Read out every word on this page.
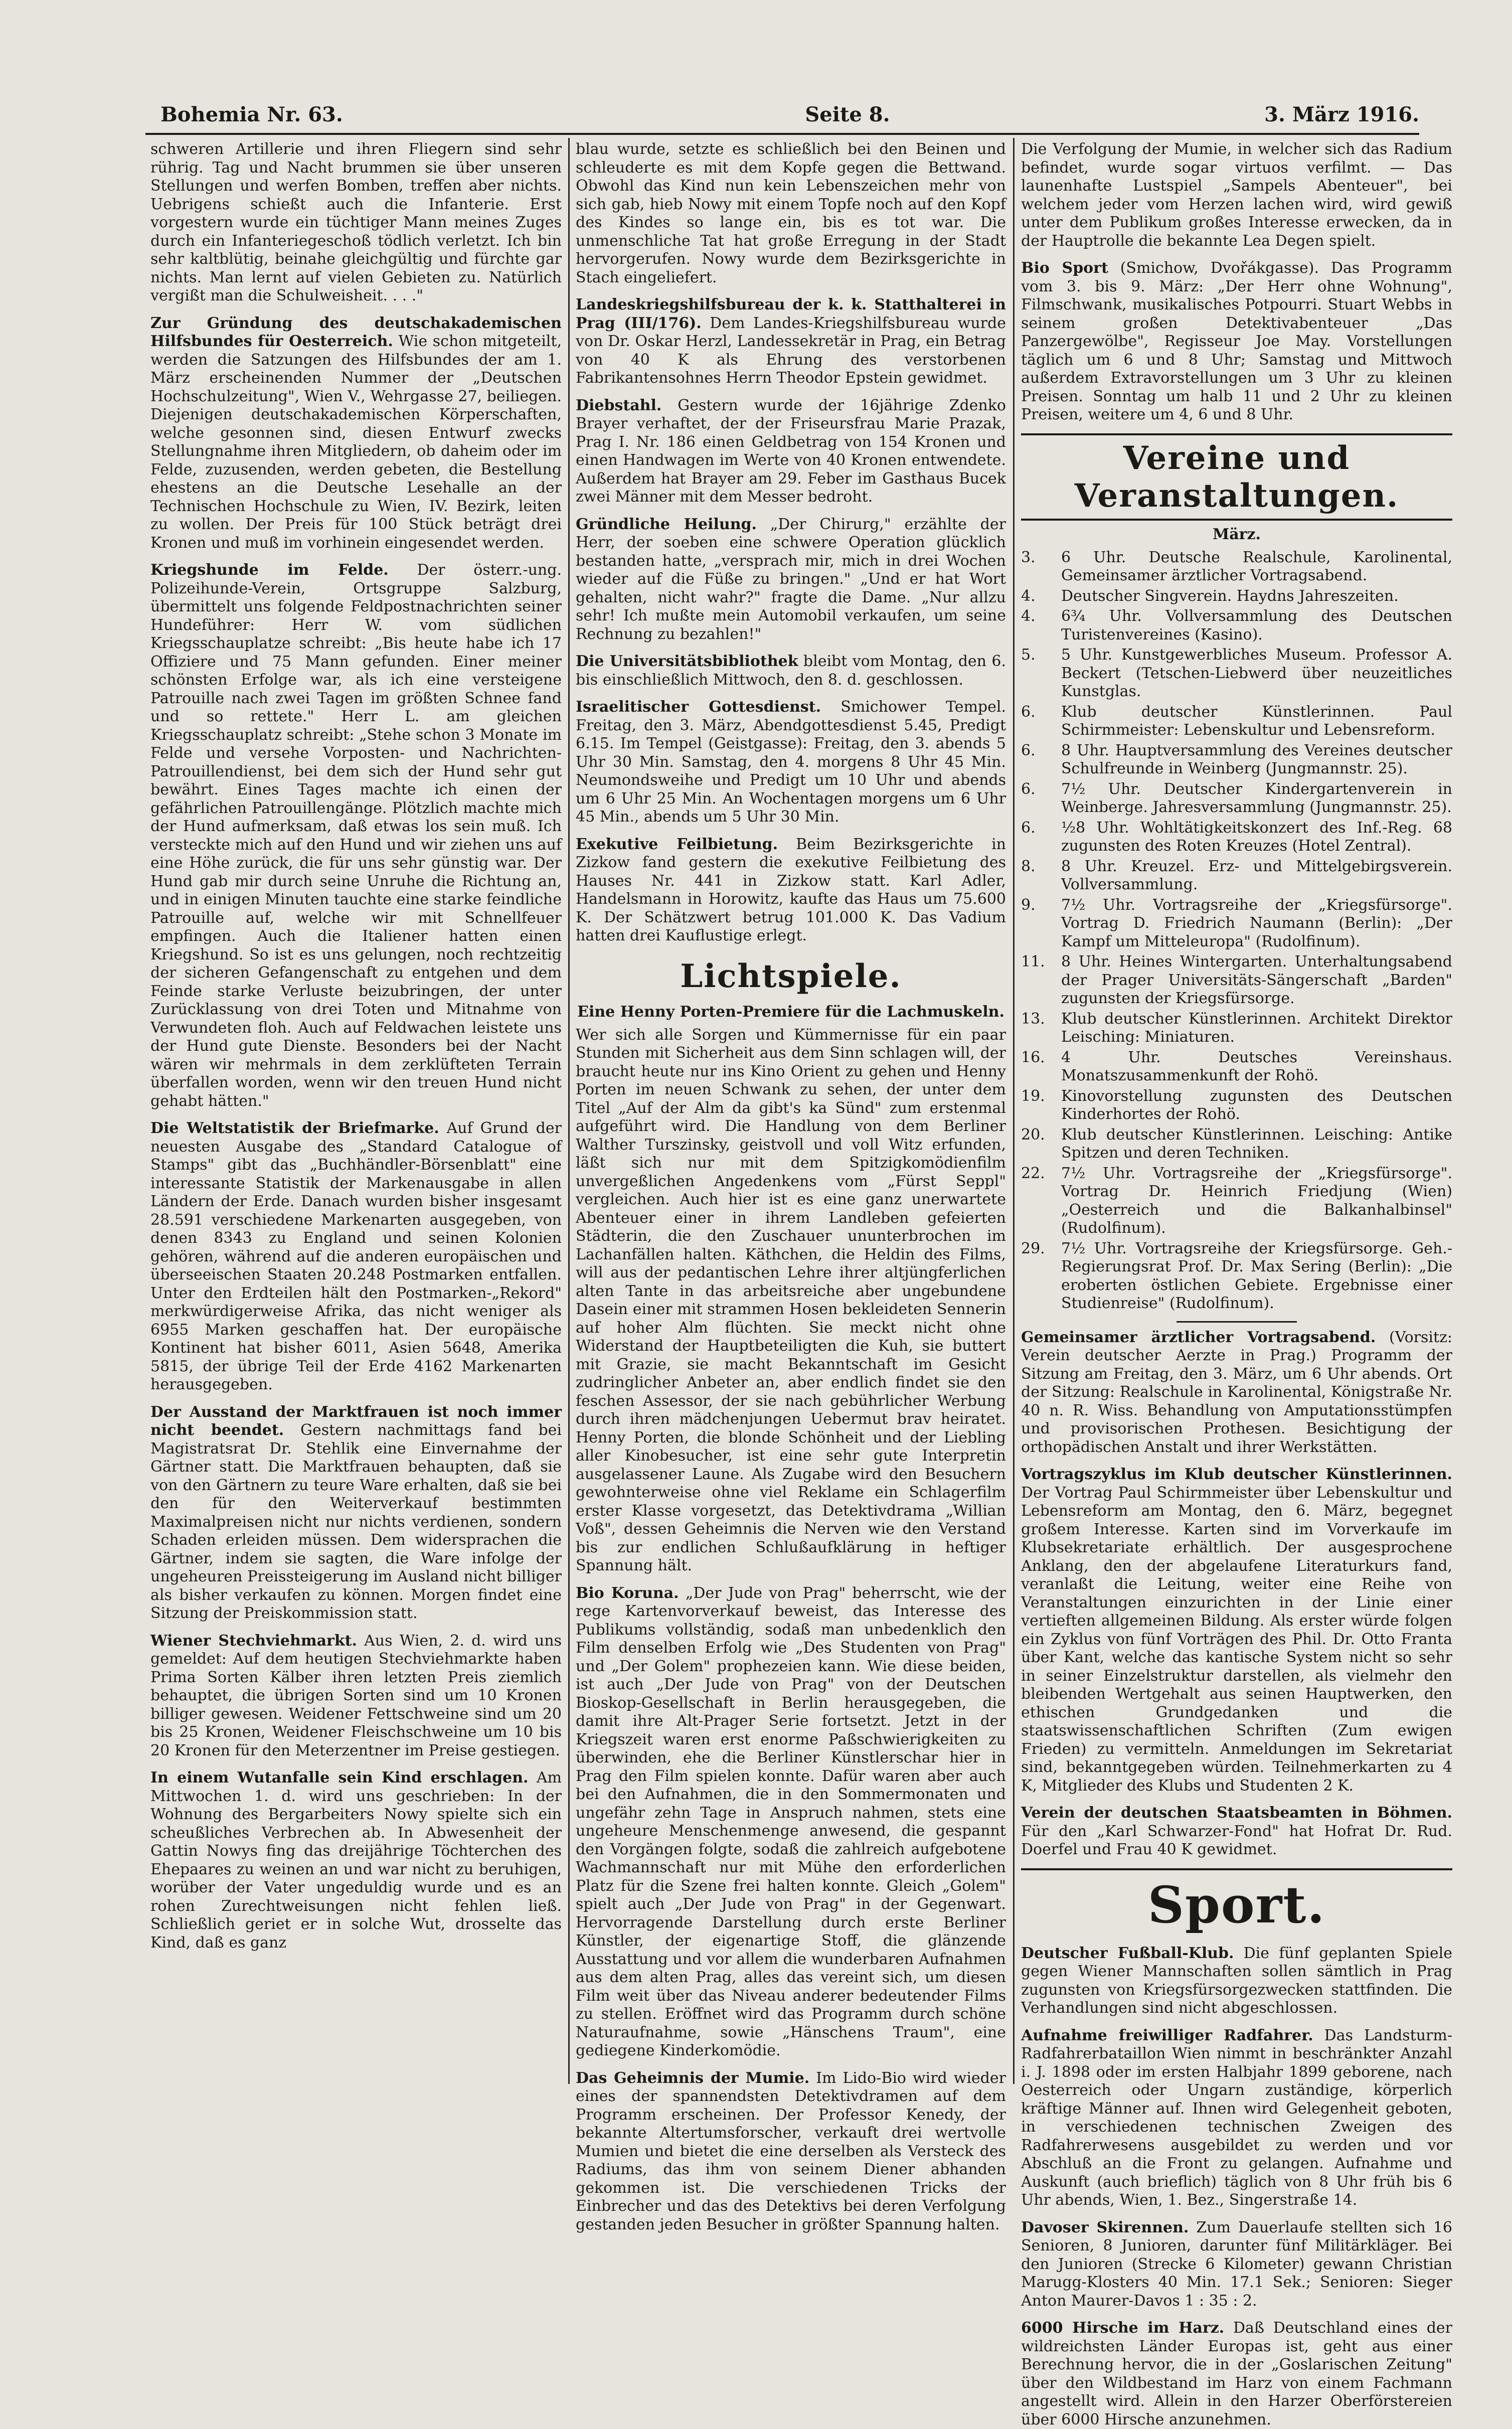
Bohemia Nr. 63.	Seite 8.	3. März 1916.

schweren Artillerie und ihren Fliegern sind sehr rührig. Tag und Nacht brummen sie über unseren Stellungen und werfen Bomben, treffen aber nichts. Uebrigens schießt auch die Infanterie. Erst vorgestern wurde ein tüchtiger Mann meines Zuges durch ein Infanteriegeschoß tödlich verletzt. Ich bin sehr kaltblütig, beinahe gleichgültig und fürchte gar nichts. Man lernt auf vielen Gebieten zu. Natürlich vergißt man die Schulweisheit. . . ."

Zur Gründung des deutschakademischen Hilfsbundes für Oesterreich. Wie schon mitgeteilt, werden die Satzungen des Hilfsbundes der am 1. März erscheinenden Nummer der „Deutschen Hochschulzeitung", Wien V., Wehrgasse 27, beiliegen. Diejenigen deutschakademischen Körperschaften, welche gesonnen sind, diesen Entwurf zwecks Stellungnahme ihren Mitgliedern, ob daheim oder im Felde, zuzusenden, werden gebeten, die Bestellung ehestens an die Deutsche Lesehalle an der Technischen Hochschule zu Wien, IV. Bezirk, leiten zu wollen. Der Preis für 100 Stück beträgt drei Kronen und muß im vorhinein eingesendet werden.

Kriegshunde im Felde. Der österr.-ung. Polizeihunde-Verein, Ortsgruppe Salzburg, übermittelt uns folgende Feldpostnachrichten seiner Hundeführer: Herr W. vom südlichen Kriegsschauplatze schreibt: „Bis heute habe ich 17 Offiziere und 75 Mann gefunden. Einer meiner schönsten Erfolge war, als ich eine versteigene Patrouille nach zwei Tagen im größten Schnee fand und so rettete." Herr L. am gleichen Kriegsschauplatz schreibt: „Stehe schon 3 Monate im Felde und versehe Vorposten- und Nachrichten-Patrouillendienst, bei dem sich der Hund sehr gut bewährt. Eines Tages machte ich einen der gefährlichen Patrouillengänge. Plötzlich machte mich der Hund aufmerksam, daß etwas los sein muß. Ich versteckte mich auf den Hund und wir ziehen uns auf eine Höhe zurück, die für uns sehr günstig war. Der Hund gab mir durch seine Unruhe die Richtung an, und in einigen Minuten tauchte eine starke feindliche Patrouille auf, welche wir mit Schnellfeuer empfingen. Auch die Italiener hatten einen Kriegshund. So ist es uns gelungen, noch rechtzeitig der sicheren Gefangenschaft zu entgehen und dem Feinde starke Verluste beizubringen, der unter Zurücklassung von drei Toten und Mitnahme von Verwundeten floh. Auch auf Feldwachen leistete uns der Hund gute Dienste. Besonders bei der Nacht wären wir mehrmals in dem zerklüfteten Terrain überfallen worden, wenn wir den treuen Hund nicht gehabt hätten."

Die Weltstatistik der Briefmarke. Auf Grund der neuesten Ausgabe des „Standard Catalogue of Stamps" gibt das „Buchhändler-Börsenblatt" eine interessante Statistik der Markenausgabe in allen Ländern der Erde. Danach wurden bisher insgesamt 28.591 verschiedene Markenarten ausgegeben, von denen 8343 zu England und seinen Kolonien gehören, während auf die anderen europäischen und überseeischen Staaten 20.248 Postmarken entfallen. Unter den Erdteilen hält den Postmarken-„Rekord" merkwürdigerweise Afrika, das nicht weniger als 6955 Marken geschaffen hat. Der europäische Kontinent hat bisher 6011, Asien 5648, Amerika 5815, der übrige Teil der Erde 4162 Markenarten herausgegeben.

Der Ausstand der Marktfrauen ist noch immer nicht beendet. Gestern nachmittags fand bei Magistratsrat Dr. Stehlik eine Einvernahme der Gärtner statt. Die Marktfrauen behaupten, daß sie von den Gärtnern zu teure Ware erhalten, daß sie bei den für den Weiterverkauf bestimmten Maximalpreisen nicht nur nichts verdienen, sondern Schaden erleiden müssen. Dem widersprachen die Gärtner, indem sie sagten, die Ware infolge der ungeheuren Preissteigerung im Ausland nicht billiger als bisher verkaufen zu können. Morgen findet eine Sitzung der Preiskommission statt.

Wiener Stechviehmarkt. Aus Wien, 2. d. wird uns gemeldet: Auf dem heutigen Stechviehmarkte haben Prima Sorten Kälber ihren letzten Preis ziemlich behauptet, die übrigen Sorten sind um 10 Kronen billiger gewesen. Weidener Fettschweine sind um 20 bis 25 Kronen, Weidener Fleischschweine um 10 bis 20 Kronen für den Meterzentner im Preise gestiegen.

In einem Wutanfalle sein Kind erschlagen. Am Mittwochen 1. d. wird uns geschrieben: In der Wohnung des Bergarbeiters Nowy spielte sich ein scheußliches Verbrechen ab. In Abwesenheit der Gattin Nowys fing das dreijährige Töchterchen des Ehepaares zu weinen an und war nicht zu beruhigen, worüber der Vater ungeduldig wurde und es an rohen Zurechtweisungen nicht fehlen ließ. Schließlich geriet er in solche Wut, drosselte das Kind, daß es ganz

blau wurde, setzte es schließlich bei den Beinen und schleuderte es mit dem Kopfe gegen die Bettwand. Obwohl das Kind nun kein Lebenszeichen mehr von sich gab, hieb Nowy mit einem Topfe noch auf den Kopf des Kindes so lange ein, bis es tot war. Die unmenschliche Tat hat große Erregung in der Stadt hervorgerufen. Nowy wurde dem Bezirksgerichte in Stach eingeliefert.

Landeskriegshilfsbureau der k. k. Statthalterei in Prag (III/176). Dem Landes-Kriegshilfsbureau wurde von Dr. Oskar Herzl, Landessekretär in Prag, ein Betrag von 40 K als Ehrung des verstorbenen Fabrikantensohnes Herrn Theodor Epstein gewidmet.

Diebstahl. Gestern wurde der 16jährige Zdenko Brayer verhaftet, der der Friseursfrau Marie Prazak, Prag I. Nr. 186 einen Geldbetrag von 154 Kronen und einen Handwagen im Werte von 40 Kronen entwendete. Außerdem hat Brayer am 29. Feber im Gasthaus Bucek zwei Männer mit dem Messer bedroht.

Gründliche Heilung. „Der Chirurg," erzählte der Herr, der soeben eine schwere Operation glücklich bestanden hatte, „versprach mir, mich in drei Wochen wieder auf die Füße zu bringen." „Und er hat Wort gehalten, nicht wahr?" fragte die Dame. „Nur allzu sehr! Ich mußte mein Automobil verkaufen, um seine Rechnung zu bezahlen!"

Die Universitätsbibliothek bleibt vom Montag, den 6. bis einschließlich Mittwoch, den 8. d. geschlossen.

Israelitischer Gottesdienst. Smichower Tempel. Freitag, den 3. März, Abendgottesdienst 5.45, Predigt 6.15. Im Tempel (Geistgasse): Freitag, den 3. abends 5 Uhr 30 Min. Samstag, den 4. morgens 8 Uhr 45 Min. Neumondsweihe und Predigt um 10 Uhr und abends um 6 Uhr 25 Min. An Wochentagen morgens um 6 Uhr 45 Min., abends um 5 Uhr 30 Min.

Exekutive Feilbietung. Beim Bezirksgerichte in Zizkow fand gestern die exekutive Feilbietung des Hauses Nr. 441 in Zizkow statt. Karl Adler, Handelsmann in Horowitz, kaufte das Haus um 75.600 K. Der Schätzwert betrug 101.000 K. Das Vadium hatten drei Kauflustige erlegt.

Lichtspiele.
Eine Henny Porten-Premiere für die Lachmuskeln.

Wer sich alle Sorgen und Kümmernisse für ein paar Stunden mit Sicherheit aus dem Sinn schlagen will, der braucht heute nur ins Kino Orient zu gehen und Henny Porten im neuen Schwank zu sehen, der unter dem Titel „Auf der Alm da gibt's ka Sünd" zum erstenmal aufgeführt wird. Die Handlung von dem Berliner Walther Turszinsky, geistvoll und voll Witz erfunden, läßt sich nur mit dem Spitzigkomödienfilm unvergeßlichen Angedenkens vom „Fürst Seppl" vergleichen. Auch hier ist es eine ganz unerwartete Abenteuer einer in ihrem Landleben gefeierten Städterin, die den Zuschauer ununterbrochen im Lachanfällen halten. Käthchen, die Heldin des Films, will aus der pedantischen Lehre ihrer altjüngferlichen alten Tante in das arbeitsreiche aber ungebundene Dasein einer mit strammen Hosen bekleideten Sennerin auf hoher Alm flüchten. Sie meckt nicht ohne Widerstand der Hauptbeteiligten die Kuh, sie buttert mit Grazie, sie macht Bekanntschaft im Gesicht zudringlicher Anbeter an, aber endlich findet sie den feschen Assessor, der sie nach gebührlicher Werbung durch ihren mädchenjungen Uebermut brav heiratet. Henny Porten, die blonde Schönheit und der Liebling aller Kinobesucher, ist eine sehr gute Interpretin ausgelassener Laune. Als Zugabe wird den Besuchern gewohnterweise ohne viel Reklame ein Schlagerfilm erster Klasse vorgesetzt, das Detektivdrama „Willian Voß", dessen Geheimnis die Nerven wie den Verstand bis zur endlichen Schlußaufklärung in heftiger Spannung hält.

Bio Koruna. „Der Jude von Prag" beherrscht, wie der rege Kartenvorverkauf beweist, das Interesse des Publikums vollständig, sodaß man unbedenklich den Film denselben Erfolg wie „Des Studenten von Prag" und „Der Golem" prophezeien kann. Wie diese beiden, ist auch „Der Jude von Prag" von der Deutschen Bioskop-Gesellschaft in Berlin herausgegeben, die damit ihre Alt-Prager Serie fortsetzt. Jetzt in der Kriegszeit waren erst enorme Paßschwierigkeiten zu überwinden, ehe die Berliner Künstlerschar hier in Prag den Film spielen konnte. Dafür waren aber auch bei den Aufnahmen, die in den Sommermonaten und ungefähr zehn Tage in Anspruch nahmen, stets eine ungeheure Menschenmenge anwesend, die gespannt den Vorgängen folgte, sodaß die zahlreich aufgebotene Wachmannschaft nur mit Mühe den erforderlichen Platz für die Szene frei halten konnte. Gleich „Golem" spielt auch „Der Jude von Prag" in der Gegenwart. Hervorragende Darstellung durch erste Berliner Künstler, der eigenartige Stoff, die glänzende Ausstattung und vor allem die wunderbaren Aufnahmen aus dem alten Prag, alles das vereint sich, um diesen Film weit über das Niveau anderer bedeutender Films zu stellen. Eröffnet wird das Programm durch schöne Naturaufnahme, sowie „Hänschens Traum", eine gediegene Kinderkomödie.

Das Geheimnis der Mumie. Im Lido-Bio wird wieder eines der spannendsten Detektivdramen auf dem Programm erscheinen. Der Professor Kenedy, der bekannte Altertumsforscher, verkauft drei wertvolle Mumien und bietet die eine derselben als Versteck des Radiums, das ihm von seinem Diener abhanden gekommen ist. Die verschiedenen Tricks der Einbrecher und das des Detektivs bei deren Verfolgung gestanden jeden Besucher in größter Spannung halten.

Die Verfolgung der Mumie, in welcher sich das Radium befindet, wurde sogar virtuos verfilmt. — Das launenhafte Lustspiel „Sampels Abenteuer", bei welchem jeder vom Herzen lachen wird, wird gewiß unter dem Publikum großes Interesse erwecken, da in der Hauptrolle die bekannte Lea Degen spielt.

Bio Sport (Smichow, Dvořákgasse). Das Programm vom 3. bis 9. März: „Der Herr ohne Wohnung", Filmschwank, musikalisches Potpourri. Stuart Webbs in seinem großen Detektivabenteuer „Das Panzergewölbe", Regisseur Joe May. Vorstellungen täglich um 6 und 8 Uhr; Samstag und Mittwoch außerdem Extravorstellungen um 3 Uhr zu kleinen Preisen. Sonntag um halb 11 und 2 Uhr zu kleinen Preisen, weitere um 4, 6 und 8 Uhr.

Vereine und Veranstaltungen.
März.
3.	6 Uhr. Deutsche Realschule, Karolinental, Gemeinsamer ärztlicher Vortragsabend.
4.	Deutscher Singverein. Haydns Jahreszeiten.
4.	6¾ Uhr. Vollversammlung des Deutschen Turistenvereines (Kasino).
5.	5 Uhr. Kunstgewerbliches Museum. Professor A. Beckert (Tetschen-Liebwerd über neuzeitliches Kunstglas.
6.	Klub deutscher Künstlerinnen. Paul Schirmmeister: Lebenskultur und Lebensreform.
6.	8 Uhr. Hauptversammlung des Vereines deutscher Schulfreunde in Weinberg (Jungmannstr. 25).
6.	7½ Uhr. Deutscher Kindergartenverein in Weinberge. Jahresversammlung (Jungmannstr. 25).
6.	½8 Uhr. Wohltätigkeitskonzert des Inf.-Reg. 68 zugunsten des Roten Kreuzes (Hotel Zentral).
8.	8 Uhr. Kreuzel. Erz- und Mittelgebirgsverein. Vollversammlung.
9.	7½ Uhr. Vortragsreihe der „Kriegsfürsorge". Vortrag D. Friedrich Naumann (Berlin): „Der Kampf um Mitteleuropa" (Rudolfinum).
11.	8 Uhr. Heines Wintergarten. Unterhaltungsabend der Prager Universitäts-Sängerschaft „Barden" zugunsten der Kriegsfürsorge.
13.	Klub deutscher Künstlerinnen. Architekt Direktor Leisching: Miniaturen.
16.	4 Uhr. Deutsches Vereinshaus. Monatszusammenkunft der Rohö.
19.	Kinovorstellung zugunsten des Deutschen Kinderhortes der Rohö.
20.	Klub deutscher Künstlerinnen. Leisching: Antike Spitzen und deren Techniken.
22.	7½ Uhr. Vortragsreihe der „Kriegsfürsorge". Vortrag Dr. Heinrich Friedjung (Wien) „Oesterreich und die Balkanhalbinsel" (Rudolfinum).
29.	7½ Uhr. Vortragsreihe der Kriegsfürsorge. Geh.-Regierungsrat Prof. Dr. Max Sering (Berlin): „Die eroberten östlichen Gebiete. Ergebnisse einer Studienreise" (Rudolfinum).

Gemeinsamer ärztlicher Vortragsabend. (Vorsitz: Verein deutscher Aerzte in Prag.) Programm der Sitzung am Freitag, den 3. März, um 6 Uhr abends. Ort der Sitzung: Realschule in Karolinental, Königstraße Nr. 40 n. R. Wiss. Behandlung von Amputationsstümpfen und provisorischen Prothesen. Besichtigung der orthopädischen Anstalt und ihrer Werkstätten.

Vortragszyklus im Klub deutscher Künstlerinnen. Der Vortrag Paul Schirmmeister über Lebenskultur und Lebensreform am Montag, den 6. März, begegnet großem Interesse. Karten sind im Vorverkaufe im Klubsekretariate erhältlich. Der ausgesprochene Anklang, den der abgelaufene Literaturkurs fand, veranlaßt die Leitung, weiter eine Reihe von Veranstaltungen einzurichten in der Linie einer vertieften allgemeinen Bildung. Als erster würde folgen ein Zyklus von fünf Vorträgen des Phil. Dr. Otto Franta über Kant, welche das kantische System nicht so sehr in seiner Einzelstruktur darstellen, als vielmehr den bleibenden Wertgehalt aus seinen Hauptwerken, den ethischen Grundgedanken und die staatswissenschaftlichen Schriften (Zum ewigen Frieden) zu vermitteln. Anmeldungen im Sekretariat sind, bekanntgegeben würden. Teilnehmerkarten zu 4 K, Mitglieder des Klubs und Studenten 2 K.

Verein der deutschen Staatsbeamten in Böhmen. Für den „Karl Schwarzer-Fond" hat Hofrat Dr. Rud. Doerfel und Frau 40 K gewidmet.

Sport.

Deutscher Fußball-Klub. Die fünf geplanten Spiele gegen Wiener Mannschaften sollen sämtlich in Prag zugunsten von Kriegsfürsorgezwecken stattfinden. Die Verhandlungen sind nicht abgeschlossen.

Aufnahme freiwilliger Radfahrer. Das Landsturm-Radfahrerbataillon Wien nimmt in beschränkter Anzahl i. J. 1898 oder im ersten Halbjahr 1899 geborene, nach Oesterreich oder Ungarn zuständige, körperlich kräftige Männer auf. Ihnen wird Gelegenheit geboten, in verschiedenen technischen Zweigen des Radfahrerwesens ausgebildet zu werden und vor Abschluß an die Front zu gelangen. Aufnahme und Auskunft (auch brieflich) täglich von 8 Uhr früh bis 6 Uhr abends, Wien, 1. Bez., Singerstraße 14.

Davoser Skirennen. Zum Dauerlaufe stellten sich 16 Senioren, 8 Junioren, darunter fünf Militärkläger. Bei den Junioren (Strecke 6 Kilometer) gewann Christian Marugg-Klosters 40 Min. 17.1 Sek.; Senioren: Sieger Anton Maurer-Davos 1 : 35 : 2.

6000 Hirsche im Harz. Daß Deutschland eines der wildreichsten Länder Europas ist, geht aus einer Berechnung hervor, die in der „Goslarischen Zeitung" über den Wildbestand im Harz von einem Fachmann angestellt wird. Allein in den Harzer Oberförstereien über 6000 Hirsche anzunehmen.
